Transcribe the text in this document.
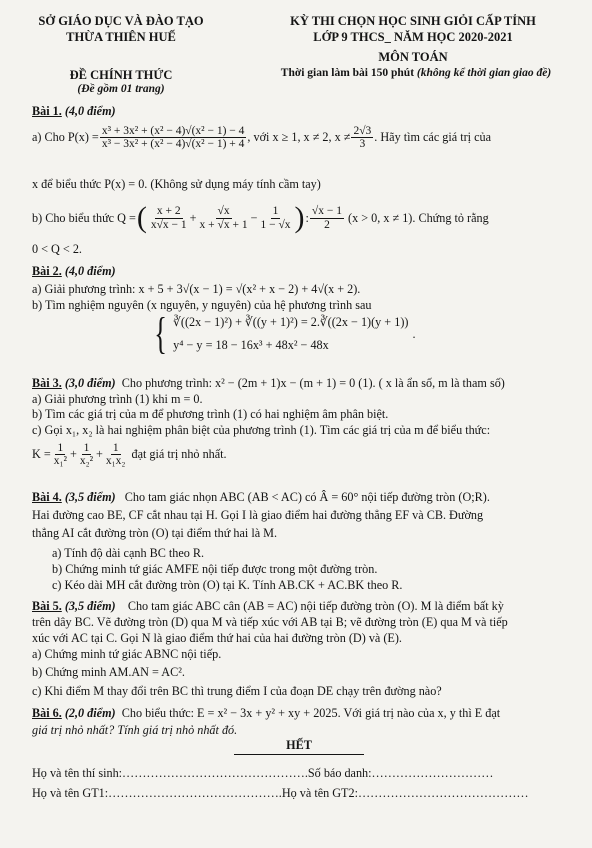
SỞ GIÁO DỤC VÀ ĐÀO TẠO
THỪA THIÊN HUẾ
ĐỀ CHÍNH THỨC
(Đề gồm 01 trang)
KỲ THI CHỌN HỌC SINH GIỎI CẤP TỈNH
LỚP 9 THCS_ NĂM HỌC 2020-2021
MÔN TOÁN
Thời gian làm bài 150 phút (không kể thời gian giao đề)
Bài 1. (4,0 điểm)
a) Cho
$P(x) = \frac{\text{x³ + 3x² + (x² − 4)√(x² − 1) − 4}}{\text{x³ − 3x² + (x² − 4)√(x² − 1) + 4}}$ , với x ≥ 1, x ≠ 2, $x \ne \frac{2√3}{3}$ . Hãy tìm các giá trị của
x để biểu thức P(x) = 0. (Không sử dụng máy tính cầm tay)
b) Cho biểu thức Q = ( $\frac{x + 2}{x√x - 1} + \frac{√x}{x + √x + 1} - \frac{1}{1 - √x}$ ) : $\frac{√x - 1}{2}$
(x > 0, x ≠ 1). Chứng tỏ rằng
0 < Q < 2.
Bài 2. (4,0 điểm)
a) Giải phương trình: x + 5 + 3√(x − 1) = √(x² + x − 2) + 4√(x + 2).
b) Tìm nghiệm nguyên (x nguyên, y nguyên) của hệ phương trình sau
{ ∛((2x − 1)²) + ∛((y + 1)²) = 2.∛((2x − 1)(y + 1))
y⁴ − y = 18 − 16x³ + 48x² − 48x
.
Bài 3. (3,0 điểm) Cho phương trình: x² − (2m + 1)x − (m + 1) = 0 (1). ( x là ẩn số, m là tham số)
a) Giải phương trình (1) khi m = 0.
b) Tìm các giá trị của m để phương trình (1) có hai nghiệm âm phân biệt.
c) Gọi x₁, x₂ là hai nghiệm phân biệt của phương trình (1). Tìm các giá trị của m để biểu thức:
$K = \frac{1}{\text{x₁²}} + \frac{1}{\text{x₂²}} + \frac{1}{\text{x₁x₂}}$
đạt giá trị nhỏ nhất.
Bài 4. (3,5 điểm) Cho tam giác nhọn ABC (AB < AC) có Â = 60° nội tiếp đường tròn (O;R).
Hai đường cao BE, CF cắt nhau tại H. Gọi I là giao điểm hai đường thẳng EF và CB. Đường
thẳng AI cắt đường tròn (O) tại điểm thứ hai là M.
a) Tính độ dài cạnh BC theo R.
b) Chứng minh tứ giác AMFE nội tiếp được trong một đường tròn.
c) Kéo dài MH cắt đường tròn (O) tại K. Tính AB.CK + AC.BK theo R.
Bài 5. (3,5 điểm) Cho tam giác ABC cân (AB = AC) nội tiếp đường tròn (O). M là điểm bất kỳ
trên dây BC. Vẽ đường tròn (D) qua M và tiếp xúc với AB tại B; vẽ đường tròn (E) qua M và tiếp
xúc với AC tại C. Gọi N là giao điểm thứ hai của hai đường tròn (D) và (E).
a) Chứng minh tứ giác ABNC nội tiếp.
b) Chứng minh AM.AN = AC².
c) Khi điểm M thay đổi trên BC thì trung điểm I của đoạn DE chạy trên đường nào?
Bài 6. (2,0 điểm) Cho biểu thức: E = x² − 3x + y² + xy + 2025. Với giá trị nào của x, y thì E đạt
giá trị nhỏ nhất? Tính giá trị nhỏ nhất đó.
HẾT
Họ và tên thí sinh:……………………………………….Số báo danh:…………………………
Họ và tên GT1:…………………………………….Họ và tên GT2:……………………………………
